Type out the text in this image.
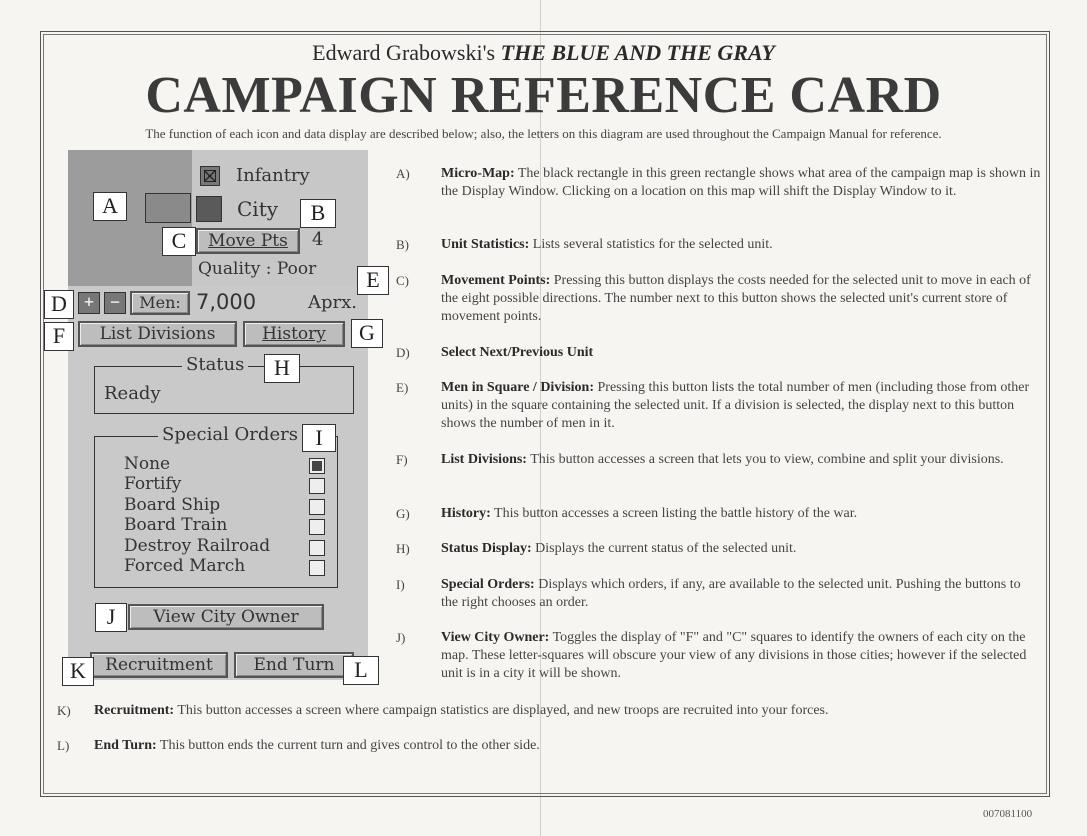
Edward Grabowski's THE BLUE AND THE GRAY
CAMPAIGN REFERENCE CARD
The function of each icon and data display are described below; also, the letters on this diagram are used throughout the Campaign Manual for reference.
Infantry
City
Move Pts	4
Quality : Poor
+ −	Men: 7,000	Aprx.
List Divisions	History
Status
Ready
Special Orders
None
Fortify
Board Ship
Board Train
Destroy Railroad
Forced March
View City Owner
Recruitment	End Turn
A	B
C
D
E
F	G
H
I
J
K	L
A) Micro-Map: The black rectangle in this green rectangle shows what area of the campaign map is shown in the Display Window. Clicking on a location on this map will shift the Display Window to it.
B) Unit Statistics: Lists several statistics for the selected unit.
C) Movement Points: Pressing this button displays the costs needed for the selected unit to move in each of the eight possible directions. The number next to this button shows the selected unit's current store of movement points.
D) Select Next/Previous Unit
E) Men in Square / Division: Pressing this button lists the total number of men (including those from other units) in the square containing the selected unit. If a division is selected, the display next to this button shows the number of men in it.
F) List Divisions: This button accesses a screen that lets you to view, combine and split your divisions.
G) History: This button accesses a screen listing the battle history of the war.
H) Status Display: Displays the current status of the selected unit.
I)	Special Orders: Displays which orders, if any, are available to the selected unit. Pushing the buttons to the right chooses an order.
J)	View City Owner: Toggles the display of "F" and "C" squares to identify the owners of each city on the map. These letter-squares will obscure your view of any divisions in those cities; however if the selected unit is in a city it will be shown.
K) Recruitment: This button accesses a screen where campaign statistics are displayed, and new troops are recruited into your forces.
L) End Turn: This button ends the current turn and gives control to the other side.
007081100
